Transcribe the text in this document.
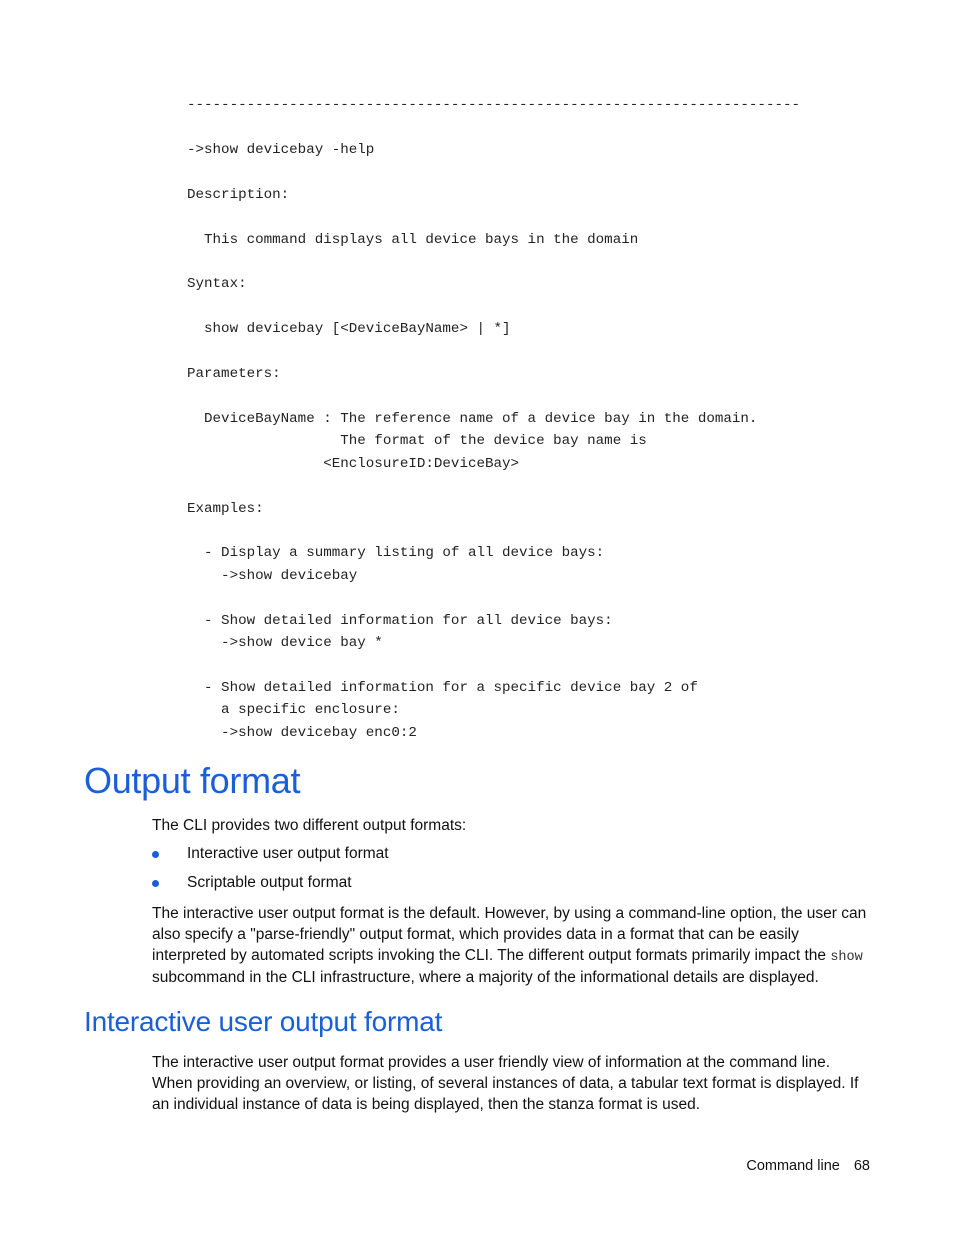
------------------------------------------------------------------------
->show devicebay -help

Description:

This command displays all device bays in the domain

Syntax:

show devicebay [<DeviceBayName> | *]

Parameters:

DeviceBayName : The reference name of a device bay in the domain.
The format of the device bay name is
<EnclosureID:DeviceBay>

Examples:

- Display a summary listing of all device bays:
->show devicebay

- Show detailed information for all device bays:
->show device bay *

- Show detailed information for a specific device bay 2 of
a specific enclosure:
->show devicebay enc0:2
Output format

The CLI provides two different output formats:

Interactive user output format
Scriptable output format

The interactive user output format is the default. However, by using a command-line option, the user can also specify a "parse-friendly" output format, which provides data in a format that can be easily interpreted by automated scripts invoking the CLI. The different output formats primarily impact the show subcommand in the CLI infrastructure, where a majority of the informational details are displayed.

Interactive user output format

The interactive user output format provides a user friendly view of information at the command line. When providing an overview, or listing, of several instances of data, a tabular text format is displayed. If an individual instance of data is being displayed, then the stanza format is used.

Command line 68
